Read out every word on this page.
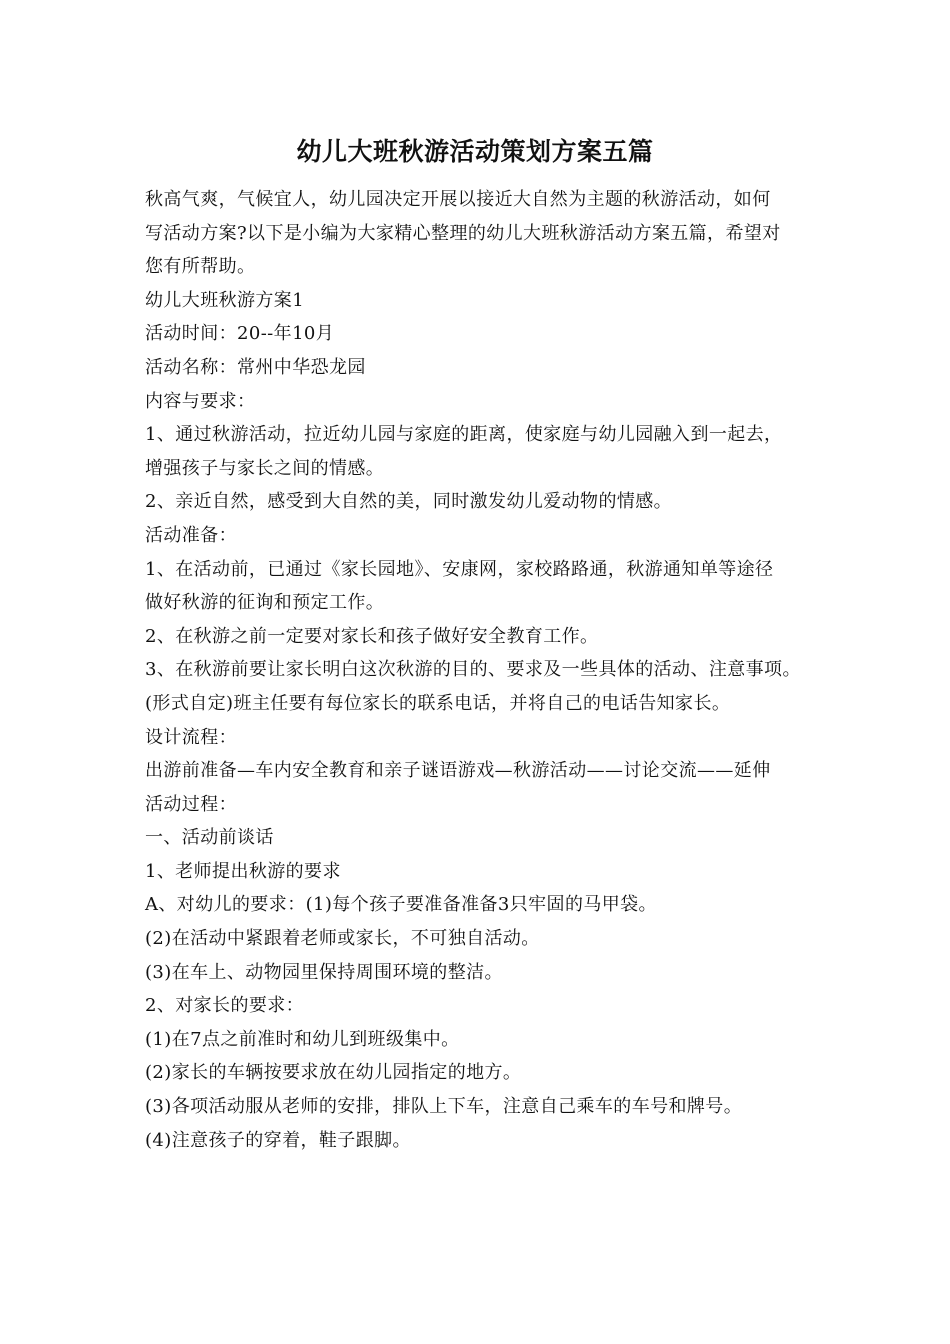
幼儿大班秋游活动策划方案五篇
秋高气爽，气候宜人，幼儿园决定开展以接近大自然为主题的秋游活动，如何
写活动方案?以下是小编为大家精心整理的幼儿大班秋游活动方案五篇，希望对
您有所帮助。
幼儿大班秋游方案1
活动时间：20--年10月
活动名称：常州中华恐龙园
内容与要求：
1、通过秋游活动，拉近幼儿园与家庭的距离，使家庭与幼儿园融入到一起去，
增强孩子与家长之间的情感。
2、亲近自然，感受到大自然的美，同时激发幼儿爱动物的情感。
活动准备：
1、在活动前，已通过《家长园地》、安康网，家校路路通，秋游通知单等途径
做好秋游的征询和预定工作。
2、在秋游之前一定要对家长和孩子做好安全教育工作。
3、在秋游前要让家长明白这次秋游的目的、要求及一些具体的活动、注意事项。
(形式自定)班主任要有每位家长的联系电话，并将自己的电话告知家长。
设计流程：
出游前准备—车内安全教育和亲子谜语游戏—秋游活动——讨论交流——延伸
活动过程：
一、活动前谈话
1、老师提出秋游的要求
A、对幼儿的要求：(1)每个孩子要准备准备3只牢固的马甲袋。
(2)在活动中紧跟着老师或家长，不可独自活动。
(3)在车上、动物园里保持周围环境的整洁。
2、对家长的要求：
(1)在7点之前准时和幼儿到班级集中。
(2)家长的车辆按要求放在幼儿园指定的地方。
(3)各项活动服从老师的安排，排队上下车，注意自己乘车的车号和牌号。
(4)注意孩子的穿着，鞋子跟脚。
